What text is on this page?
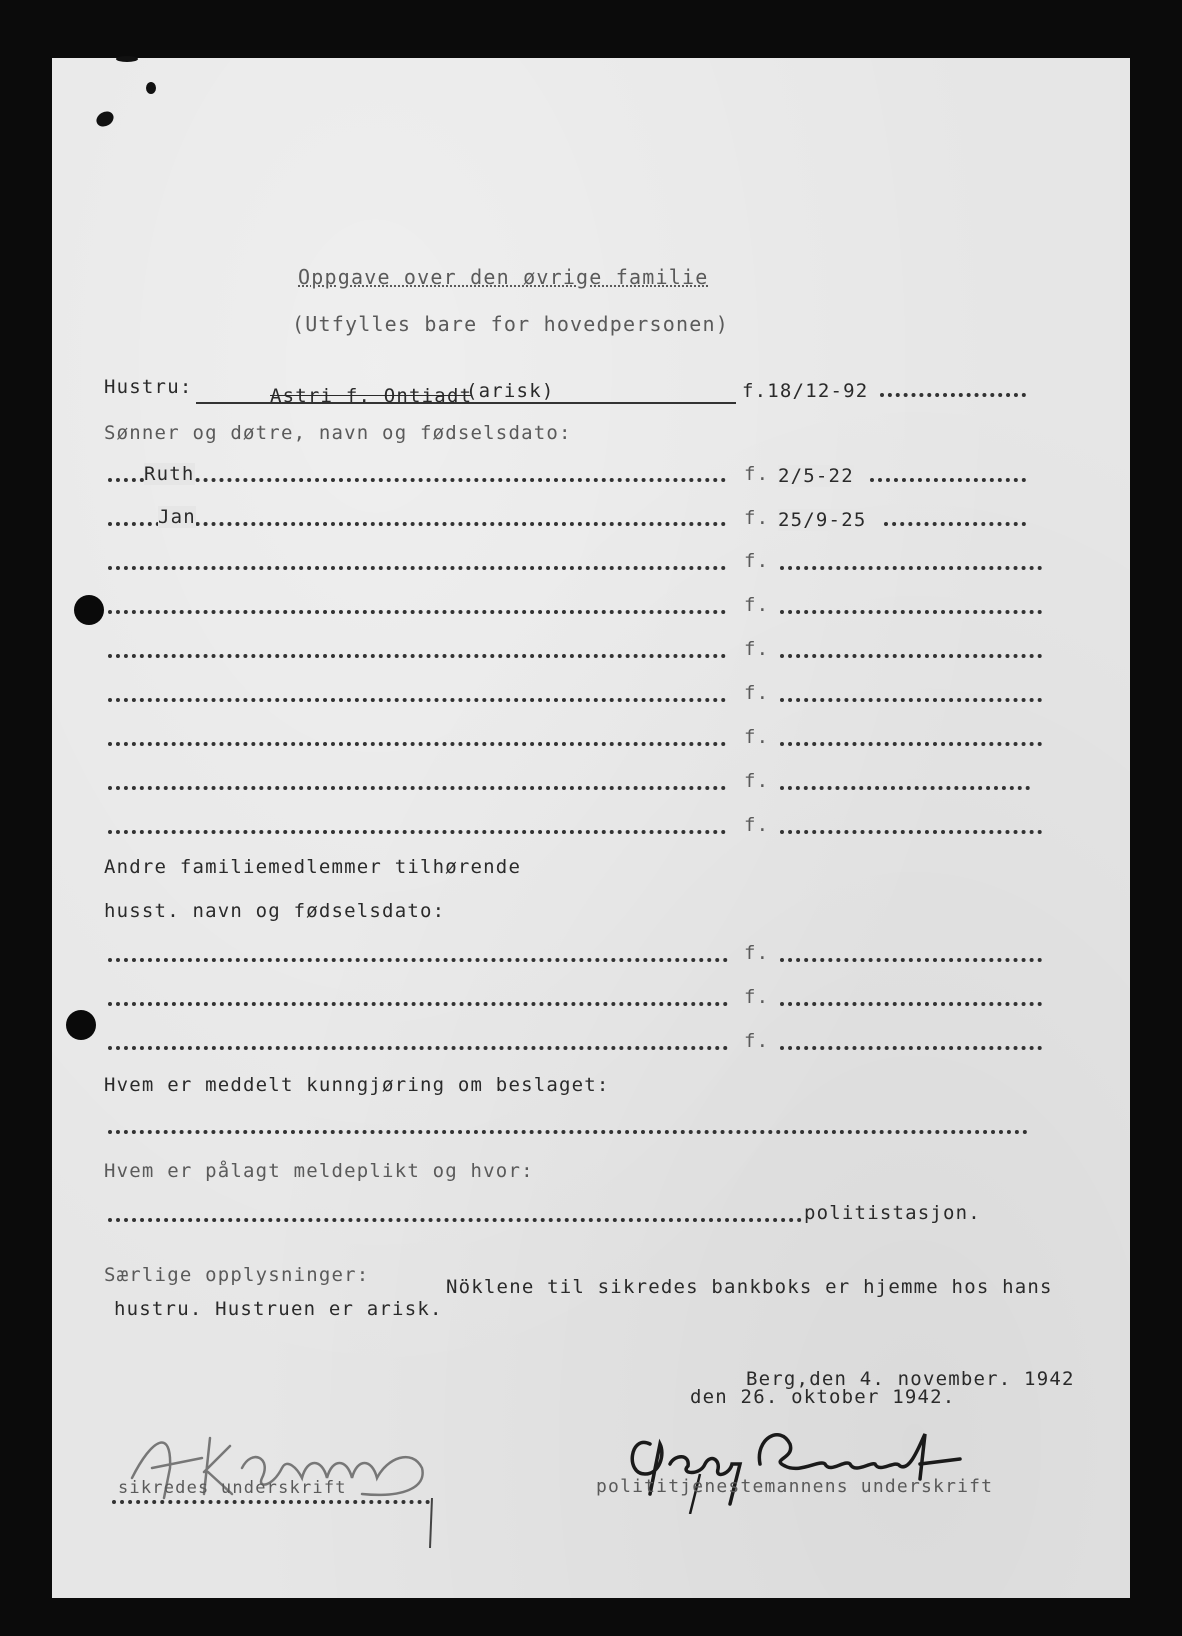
Oppgave over den øvrige familie
(Utfylles bare for hovedpersonen)
Hustru:	Astri f. Ontiadt
(arisk)	f.18/12-92
Sønner og døtre, navn og fødselsdato:
Ruth	f. 2/5-22
Jan	f. 25/9-25
f.
f.
f.
f.
f.
f.
f.
Andre familiemedlemmer tilhørende
husst. navn og fødselsdato:
f.
f.
f.
Hvem er meddelt kunngjøring om beslaget:
Hvem er pålagt meldeplikt og hvor:
politistasjon.
Særlige opplysninger:
Nöklene til sikredes bankboks er hjemme hos hans
hustru. Hustruen er arisk.
Berg,den 4. november. 1942
den 26. oktober 1942.
sikredes underskrift	polititjenestemannens underskrift
